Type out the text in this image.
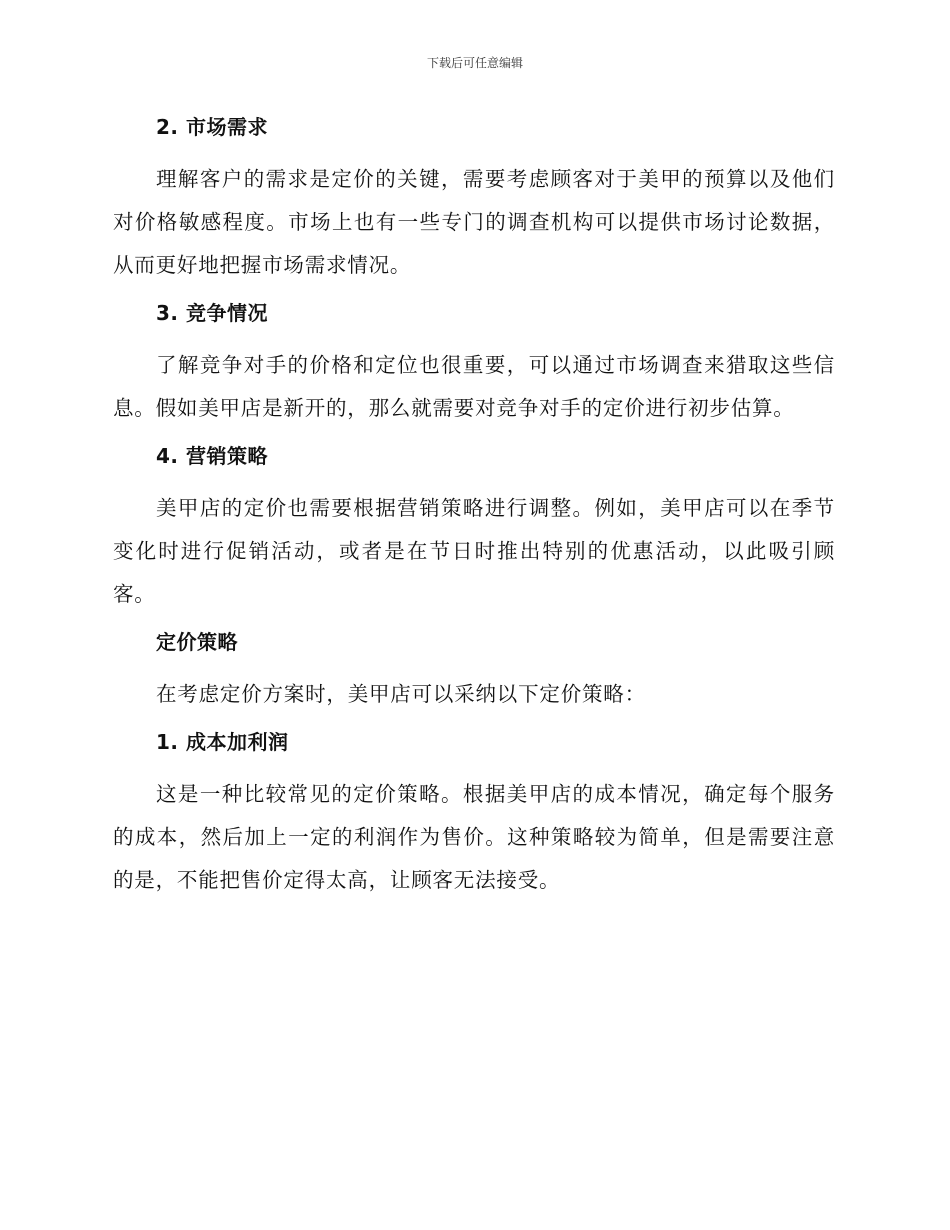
下载后可任意编辑
2. 市场需求

理解客户的需求是定价的关键，需要考虑顾客对于美甲的预算以及他们对价格敏感程度。市场上也有一些专门的调查机构可以提供市场讨论数据，从而更好地把握市场需求情况。

3. 竞争情况

了解竞争对手的价格和定位也很重要，可以通过市场调查来猎取这些信息。假如美甲店是新开的，那么就需要对竞争对手的定价进行初步估算。

4. 营销策略

美甲店的定价也需要根据营销策略进行调整。例如，美甲店可以在季节变化时进行促销活动，或者是在节日时推出特别的优惠活动，以此吸引顾客。

定价策略

在考虑定价方案时，美甲店可以采纳以下定价策略：

1. 成本加利润

这是一种比较常见的定价策略。根据美甲店的成本情况，确定每个服务的成本，然后加上一定的利润作为售价。这种策略较为简单，但是需要注意的是，不能把售价定得太高，让顾客无法接受。
